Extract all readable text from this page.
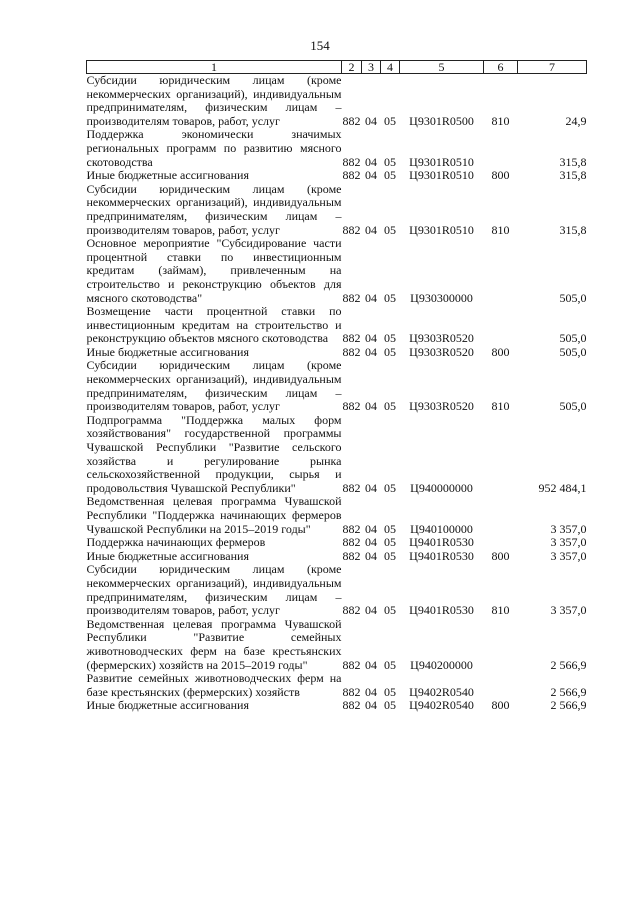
154
1	2	3	4	5	6	7
Субсидии юридическим лицам (кроме некоммерческих организаций), индивидуальным предпринимателям, физическим лицам – производителям товаров, работ, услуг	882	04	05	Ц9301R0500	810	24,9
Поддержка экономически значимых региональных программ по развитию мясного скотоводства	882	04	05	Ц9301R0510		315,8
Иные бюджетные ассигнования	882	04	05	Ц9301R0510	800	315,8
Субсидии юридическим лицам (кроме некоммерческих организаций), индивидуальным предпринимателям, физическим лицам – производителям товаров, работ, услуг	882	04	05	Ц9301R0510	810	315,8
Основное мероприятие "Субсидирование части процентной ставки по инвестиционным кредитам (займам), привлеченным на строительство и реконструкцию объектов для мясного скотоводства"	882	04	05	Ц930300000		505,0
Возмещение части процентной ставки по инвестиционным кредитам на строительство и реконструкцию объектов мясного скотоводства	882	04	05	Ц9303R0520		505,0
Иные бюджетные ассигнования	882	04	05	Ц9303R0520	800	505,0
Субсидии юридическим лицам (кроме некоммерческих организаций), индивидуальным предпринимателям, физическим лицам – производителям товаров, работ, услуг	882	04	05	Ц9303R0520	810	505,0
Подпрограмма "Поддержка малых форм хозяйствования" государственной программы Чувашской Республики "Развитие сельского хозяйства и регулирование рынка сельскохозяйственной продукции, сырья и продовольствия Чувашской Республики"	882	04	05	Ц940000000		952 484,1
Ведомственная целевая программа Чувашской Республики "Поддержка начинающих фермеров Чувашской Республики на 2015–2019 годы"	882	04	05	Ц940100000		3 357,0
Поддержка начинающих фермеров	882	04	05	Ц9401R0530		3 357,0
Иные бюджетные ассигнования	882	04	05	Ц9401R0530	800	3 357,0
Субсидии юридическим лицам (кроме некоммерческих организаций), индивидуальным предпринимателям, физическим лицам – производителям товаров, работ, услуг	882	04	05	Ц9401R0530	810	3 357,0
Ведомственная целевая программа Чувашской Республики "Развитие семейных животноводческих ферм на базе крестьянских (фермерских) хозяйств на 2015–2019 годы"	882	04	05	Ц940200000		2 566,9
Развитие семейных животноводческих ферм на базе крестьянских (фермерских) хозяйств	882	04	05	Ц9402R0540		2 566,9
Иные бюджетные ассигнования	882	04	05	Ц9402R0540	800	2 566,9
